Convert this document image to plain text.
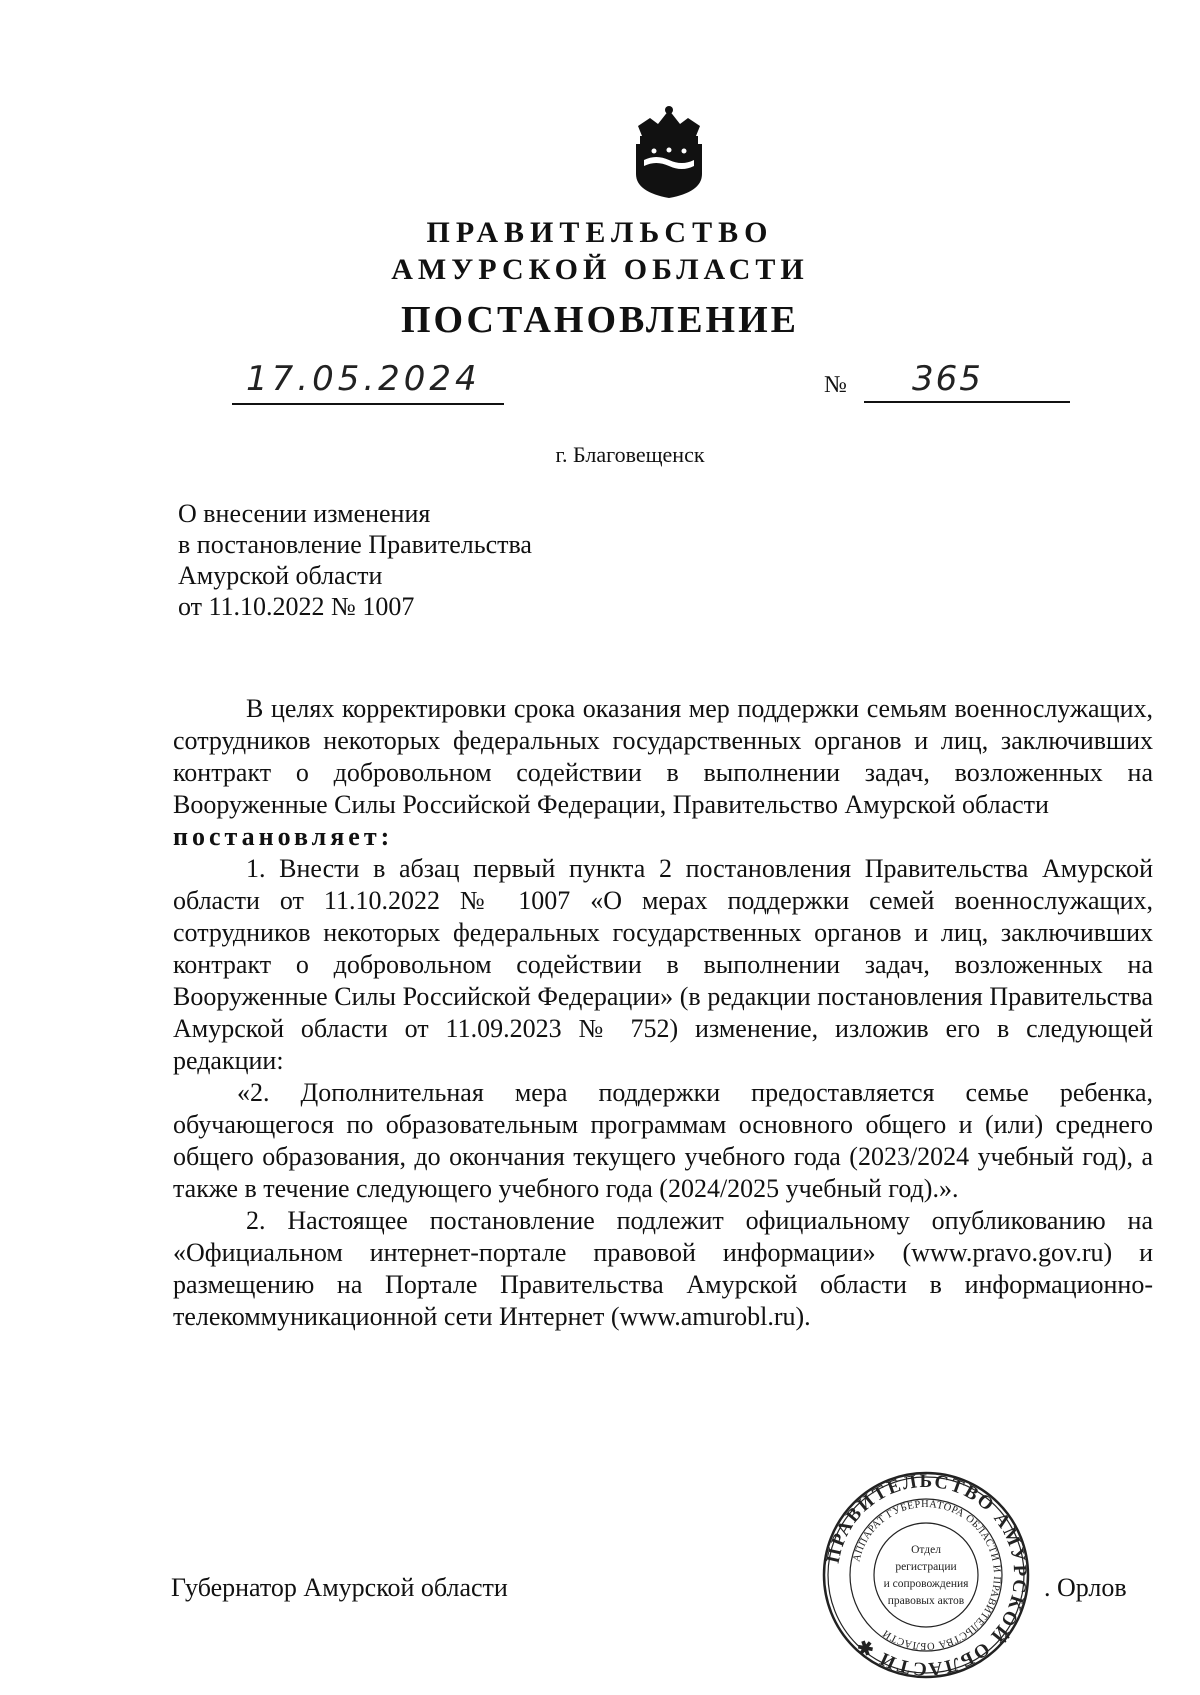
ПРАВИТЕЛЬСТВО
АМУРСКОЙ ОБЛАСТИ
ПОСТАНОВЛЕНИЕ
17.05.2024	№	365
г. Благовещенск
О внесении изменения
в постановление Правительства
Амурской области
от 11.10.2022 № 1007

В целях корректировки срока оказания мер поддержки семьям военнослужащих, сотрудников некоторых федеральных государственных органов и лиц, заключивших контракт о добровольном содействии в выполнении задач, возложенных на Вооруженные Силы Российской Федерации, Правительство Амурской области

постановляет:

1. Внести в абзац первый пункта 2 постановления Правительства Амурской области от 11.10.2022 № 1007 «О мерах поддержки семей военнослужащих, сотрудников некоторых федеральных государственных органов и лиц, заключивших контракт о добровольном содействии в выполнении задач, возложенных на Вооруженные Силы Российской Федерации» (в редакции постановления Правительства Амурской области от 11.09.2023 № 752) изменение, изложив его в следующей редакции:

«2. Дополнительная мера поддержки предоставляется семье ребенка, обучающегося по образовательным программам основного общего и (или) среднего общего образования, до окончания текущего учебного года (2023/2024 учебный год), а также в течение следующего учебного года (2024/2025 учебный год).».

2. Настоящее постановление подлежит официальному опубликованию на «Официальном интернет-портале правовой информации» (www.pravo.gov.ru) и размещению на Портале Правительства Амурской области в информационно-телекоммуникационной сети Интернет (www.amurobl.ru).

Губернатор Амурской области
ПРАВИТЕЛЬСТВО АМУРСКОЙ ОБЛАСТИ ✱
АППАРАТ ГУБЕРНАТОРА ОБЛАСТИ И ПРАВИТЕЛЬСТВА ОБЛАСТИ
Отдел
регистрации
и сопровождения
правовых актов	. Орлов
